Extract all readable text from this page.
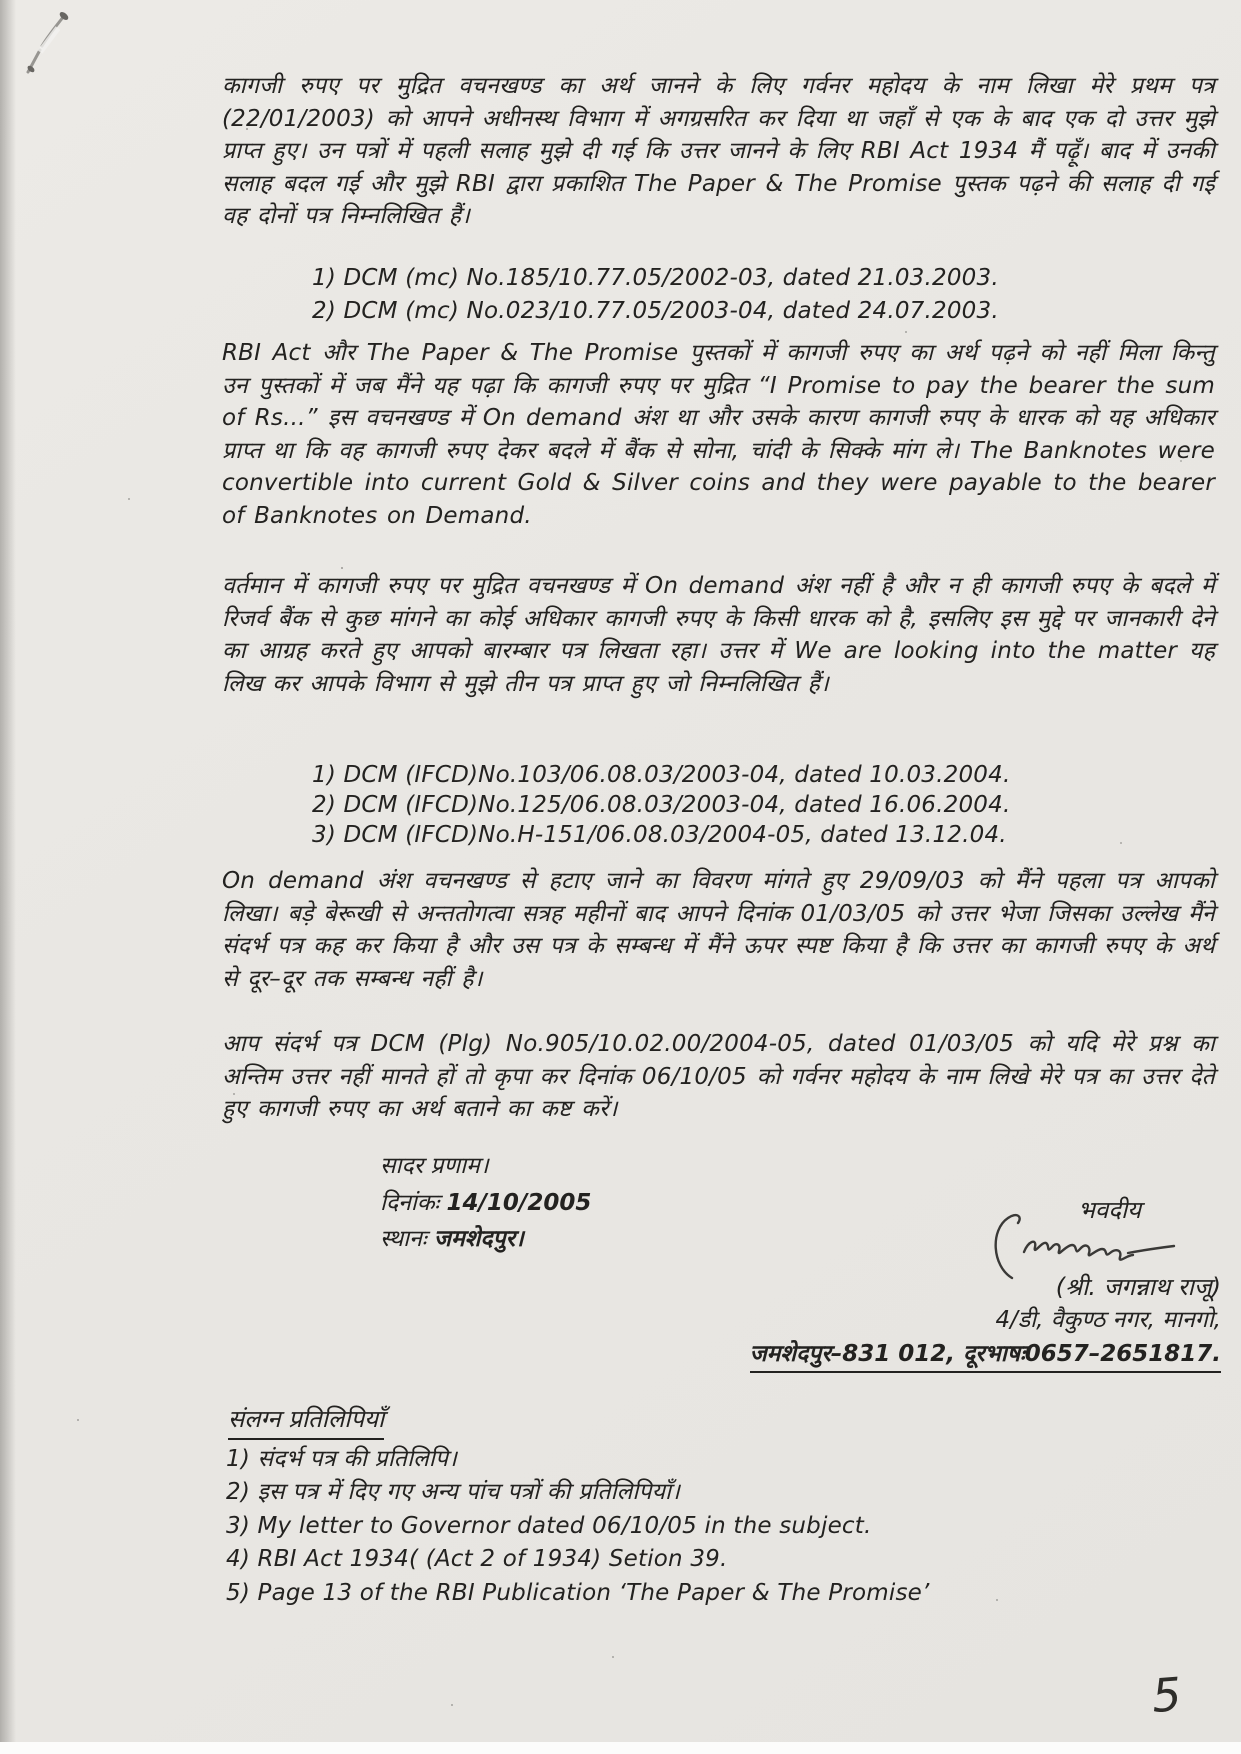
कागजी रुपए पर मुद्रित वचनखण्ड का अर्थ जानने के लिए गर्वनर महोदय के नाम लिखा मेरे प्रथम पत्र (22/01/2003) को आपने अधीनस्थ विभाग में अगग्रसरित कर दिया था जहाँ से एक के बाद एक दो उत्तर मुझे प्राप्त हुए। उन पत्रों में पहली सलाह मुझे दी गई कि उत्तर जानने के लिए RBI Act 1934 मैं पढ़ूँ। बाद में उनकी सलाह बदल गई और मुझे RBI द्वारा प्रकाशित The Paper & The Promise पुस्तक पढ़ने की सलाह दी गई वह दोनों पत्र निम्नलिखित हैं।
1) DCM (mc) No.185/10.77.05/2002-03, dated 21.03.2003.
2) DCM (mc) No.023/10.77.05/2003-04, dated 24.07.2003.
RBI Act और The Paper & The Promise पुस्तकों में कागजी रुपए का अर्थ पढ़ने को नहीं मिला किन्तु उन पुस्तकों में जब मैंने यह पढ़ा कि कागजी रुपए पर मुद्रित “I Promise to pay the bearer the sum of Rs...” इस वचनखण्ड में On demand अंश था और उसके कारण कागजी रुपए के धारक को यह अधिकार प्राप्त था कि वह कागजी रुपए देकर बदले में बैंक से सोना, चांदी के सिक्के मांग ले। The Banknotes were convertible into current Gold & Silver coins and they were payable to the bearer of Banknotes on Demand.
वर्तमान में कागजी रुपए पर मुद्रित वचनखण्ड में On demand अंश नहीं है और न ही कागजी रुपए के बदले में रिजर्व बैंक से कुछ मांगने का कोई अधिकार कागजी रुपए के किसी धारक को है, इसलिए इस मुद्दे पर जानकारी देने का आग्रह करते हुए आपको बारम्बार पत्र लिखता रहा। उत्तर में We are looking into the matter यह लिख कर आपके विभाग से मुझे तीन पत्र प्राप्त हुए जो निम्नलिखित हैं।
1) DCM (IFCD)No.103/06.08.03/2003-04, dated 10.03.2004.
2) DCM (IFCD)No.125/06.08.03/2003-04, dated 16.06.2004.
3) DCM (IFCD)No.H-151/06.08.03/2004-05, dated 13.12.04.
On demand अंश वचनखण्ड से हटाए जाने का विवरण मांगते हुए 29/09/03 को मैंने पहला पत्र आपको लिखा। बड़े बेरूखी से अन्ततोगत्वा सत्रह महीनों बाद आपने दिनांक 01/03/05 को उत्तर भेजा जिसका उल्लेख मैंने संदर्भ पत्र कह कर किया है और उस पत्र के सम्बन्ध में मैंने ऊपर स्पष्ट किया है कि उत्तर का कागजी रुपए के अर्थ से दूर–दूर तक सम्बन्ध नहीं है।
आप संदर्भ पत्र DCM (Plg) No.905/10.02.00/2004-05, dated 01/03/05 को यदि मेरे प्रश्न का अन्तिम उत्तर नहीं मानते हों तो कृपा कर दिनांक 06/10/05 को गर्वनर महोदय के नाम लिखे मेरे पत्र का उत्तर देते हुए कागजी रुपए का अर्थ बताने का कष्ट करें।
सादर प्रणाम।
दिनांकः 14/10/2005
स्थानः जमशेदपुर।
भवदीय
(श्री. जगन्नाथ राजू)
4/डी, वैकुण्ठ नगर, मानगो,
जमशेदपुर–831 012, दूरभाषः0657–2651817.
संलग्न प्रतिलिपियाँ
1) संदर्भ पत्र की प्रतिलिपि।
2) इस पत्र में दिए गए अन्य पांच पत्रों की प्रतिलिपियाँ।
3) My letter to Governor dated 06/10/05 in the subject.
4) RBI Act 1934( (Act 2 of 1934) Setion 39.
5) Page 13 of the RBI Publication ‘The Paper & The Promise’
5
